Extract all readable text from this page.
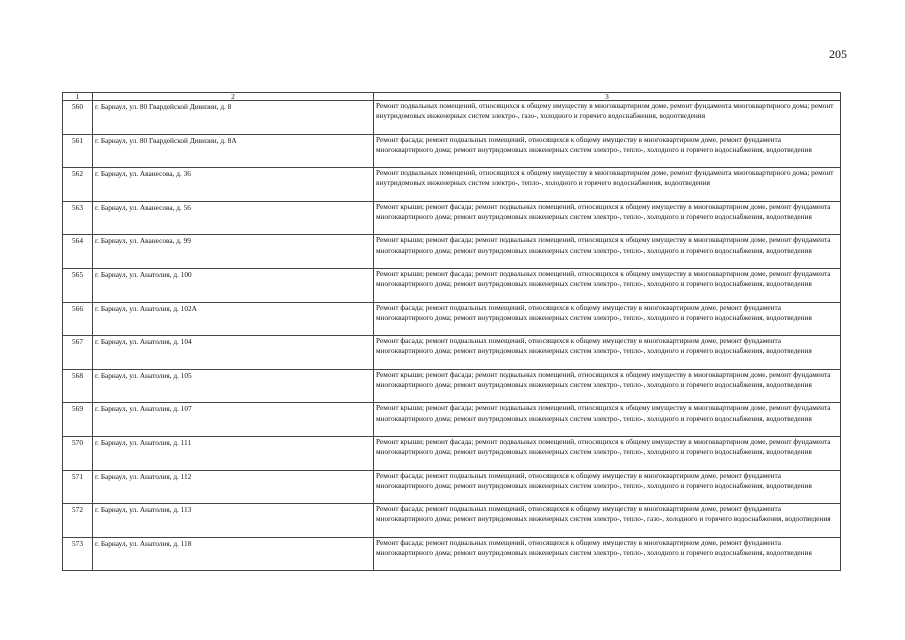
205
1	2	3
560	г. Барнаул, ул. 80 Гвардейской Дивизии, д. 8	Ремонт подвальных помещений, относящихся к общему имуществу в многоквартирном доме, ремонт фундамента многоквартирного дома; ремонт внутридомовых инженерных систем электро-, газо-, холодного и горячего водоснабжения, водоотведения
561	г. Барнаул, ул. 80 Гвардейской Дивизии, д. 8А	Ремонт фасада; ремонт подвальных помещений, относящихся к общему имуществу в многоквартирном доме, ремонт фундамента многоквартирного дома; ремонт внутридомовых инженерных систем электро-, тепло-, холодного и горячего водоснабжения, водоотведения
562	г. Барнаул, ул. Аванесова, д. 36	Ремонт подвальных помещений, относящихся к общему имуществу в многоквартирном доме, ремонт фундамента многоквартирного дома; ремонт внутридомовых инженерных систем электро-, тепло-, холодного и горячего водоснабжения, водоотведения
563	г. Барнаул, ул. Аванесова, д. 56	Ремонт крыши; ремонт фасада; ремонт подвальных помещений, относящихся к общему имуществу в многоквартирном доме, ремонт фундамента многоквартирного дома; ремонт внутридомовых инженерных систем электро-, тепло-, холодного и горячего водоснабжения, водоотведения
564	г. Барнаул, ул. Аванесова, д. 99	Ремонт крыши; ремонт фасада; ремонт подвальных помещений, относящихся к общему имуществу в многоквартирном доме, ремонт фундамента многоквартирного дома; ремонт внутридомовых инженерных систем электро-, тепло-, холодного и горячего водоснабжения, водоотведения
565	г. Барнаул, ул. Анатолия, д. 100	Ремонт крыши; ремонт фасада; ремонт подвальных помещений, относящихся к общему имуществу в многоквартирном доме, ремонт фундамента многоквартирного дома; ремонт внутридомовых инженерных систем электро-, тепло-, холодного и горячего водоснабжения, водоотведения
566	г. Барнаул, ул. Анатолия, д. 102А	Ремонт фасада; ремонт подвальных помещений, относящихся к общему имуществу в многоквартирном доме, ремонт фундамента многоквартирного дома; ремонт внутридомовых инженерных систем электро-, тепло-, холодного и горячего водоснабжения, водоотведения
567	г. Барнаул, ул. Анатолия, д. 104	Ремонт фасада; ремонт подвальных помещений, относящихся к общему имуществу в многоквартирном доме, ремонт фундамента многоквартирного дома; ремонт внутридомовых инженерных систем электро-, тепло-, холодного и горячего водоснабжения, водоотведения
568	г. Барнаул, ул. Анатолия, д. 105	Ремонт крыши; ремонт фасада; ремонт подвальных помещений, относящихся к общему имуществу в многоквартирном доме, ремонт фундамента многоквартирного дома; ремонт внутридомовых инженерных систем электро-, тепло-, холодного и горячего водоснабжения, водоотведения
569	г. Барнаул, ул. Анатолия, д. 107	Ремонт крыши; ремонт фасада; ремонт подвальных помещений, относящихся к общему имуществу в многоквартирном доме, ремонт фундамента многоквартирного дома; ремонт внутридомовых инженерных систем электро-, тепло-, холодного и горячего водоснабжения, водоотведения
570	г. Барнаул, ул. Анатолия, д. 111	Ремонт крыши; ремонт фасада; ремонт подвальных помещений, относящихся к общему имуществу в многоквартирном доме, ремонт фундамента многоквартирного дома; ремонт внутридомовых инженерных систем электро-, тепло-, холодного и горячего водоснабжения, водоотведения
571	г. Барнаул, ул. Анатолия, д. 112	Ремонт фасада; ремонт подвальных помещений, относящихся к общему имуществу в многоквартирном доме, ремонт фундамента многоквартирного дома; ремонт внутридомовых инженерных систем электро-, тепло-, холодного и горячего водоснабжения, водоотведения
572	г. Барнаул, ул. Анатолия, д. 113	Ремонт фасада; ремонт подвальных помещений, относящихся к общему имуществу в многоквартирном доме, ремонт фундамента многоквартирного дома; ремонт внутридомовых инженерных систем электро-, тепло-, газо-, холодного и горячего водоснабжения, водоотведения
573	г. Барнаул, ул. Анатолия, д. 118	Ремонт фасада; ремонт подвальных помещений, относящихся к общему имуществу в многоквартирном доме, ремонт фундамента многоквартирного дома; ремонт внутридомовых инженерных систем электро-, тепло-, холодного и горячего водоснабжения, водоотведения
